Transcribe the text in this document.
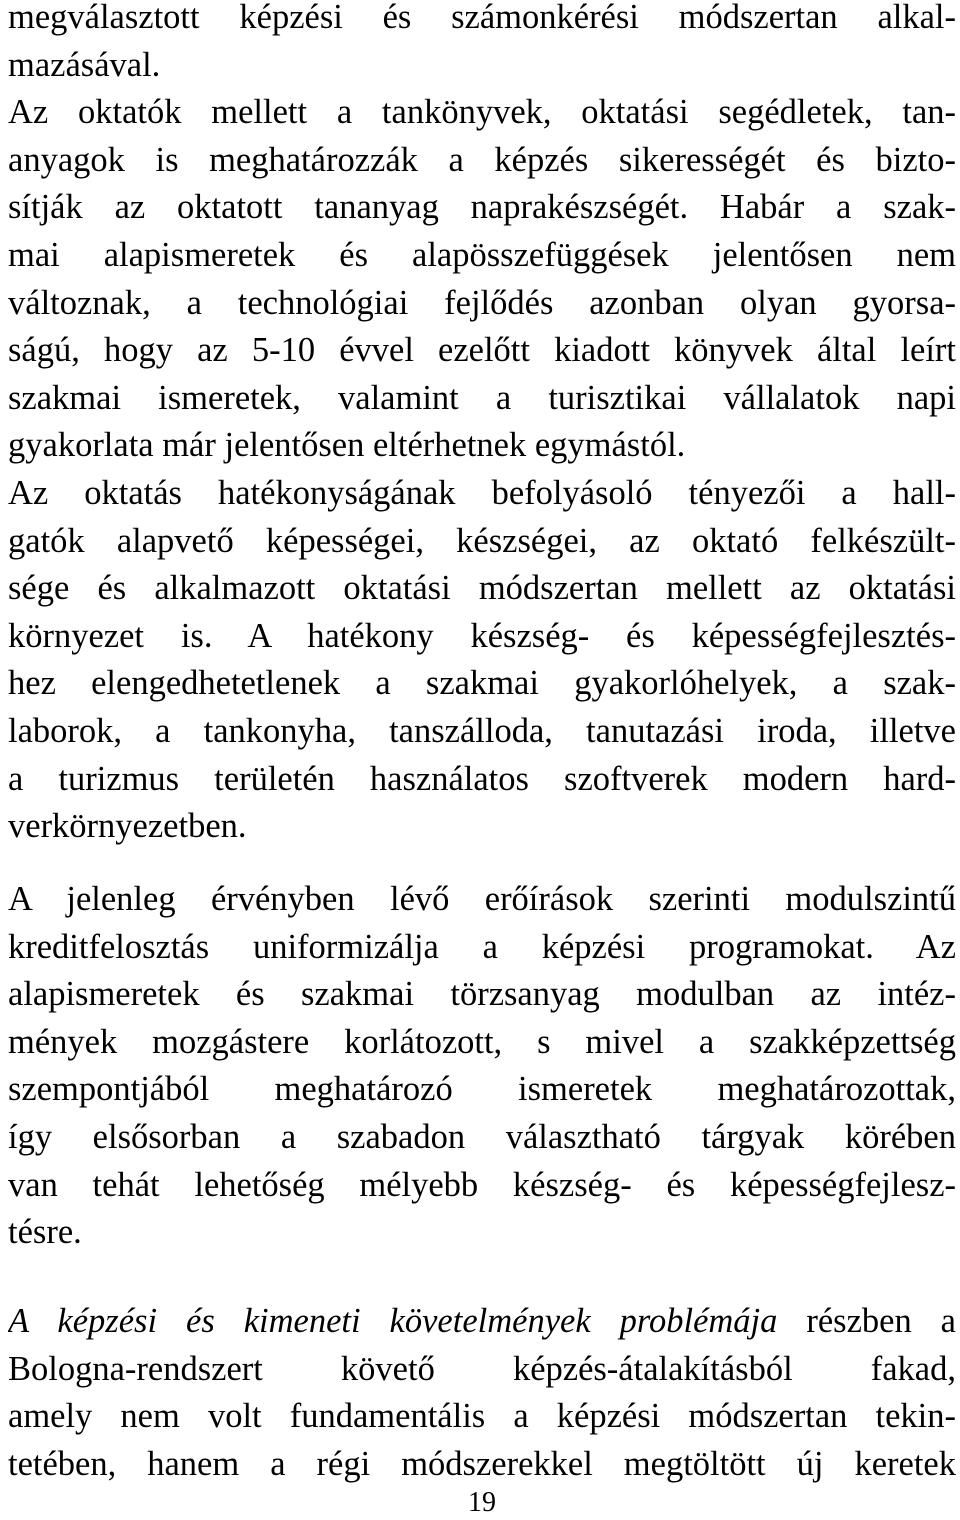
megválasztott képzési és számonkérési módszertan alkal-
mazásával.
Az oktatók mellett a tankönyvek, oktatási segédletek, tan-
anyagok is meghatározzák a képzés sikerességét és bizto-
sítják az oktatott tananyag naprakészségét. Habár a szak-
mai alapismeretek és alapösszefüggések jelentősen nem
változnak, a technológiai fejlődés azonban olyan gyorsa-
ságú, hogy az 5-10 évvel ezelőtt kiadott könyvek által leírt
szakmai ismeretek, valamint a turisztikai vállalatok napi
gyakorlata már jelentősen eltérhetnek egymástól.
Az oktatás hatékonyságának befolyásoló tényezői a hall-
gatók alapvető képességei, készségei, az oktató felkészült-
sége és alkalmazott oktatási módszertan mellett az oktatási
környezet is. A hatékony készség- és képességfejlesztés-
hez elengedhetetlenek a szakmai gyakorlóhelyek, a szak-
laborok, a tankonyha, tanszálloda, tanutazási iroda, illetve
a turizmus területén használatos szoftverek modern hard-
verkörnyezetben.
A jelenleg érvényben lévő erőírások szerinti modulszintű
kreditfelosztás uniformizálja a képzési programokat. Az
alapismeretek és szakmai törzsanyag modulban az intéz-
mények mozgástere korlátozott, s mivel a szakképzettség
szempontjából meghatározó ismeretek meghatározottak,
így elsősorban a szabadon választható tárgyak körében
van tehát lehetőség mélyebb készség- és képességfejlesz-
tésre.
A képzési és kimeneti követelmények problémája részben a
Bologna-rendszert követő képzés-átalakításból fakad,
amely nem volt fundamentális a képzési módszertan tekin-
tetében, hanem a régi módszerekkel megtöltött új keretek
19
